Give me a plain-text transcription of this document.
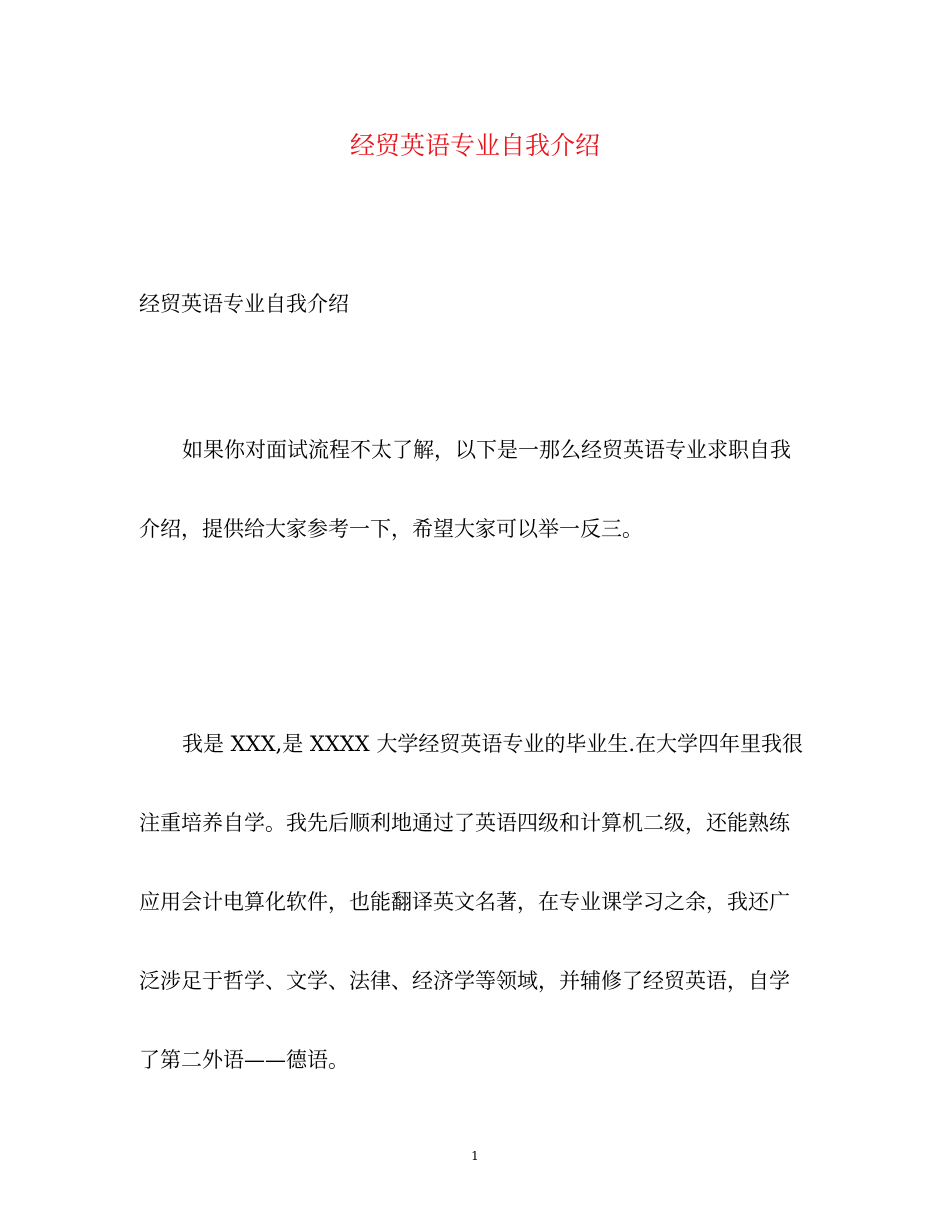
经贸英语专业自我介绍

经贸英语专业自我介绍

如果你对面试流程不太了解，以下是一那么经贸英语专业求职自我
介绍，提供给大家参考一下，希望大家可以举一反三。
我是 XXX,是 XXXX 大学经贸英语专业的毕业生.在大学四年里我很
注重培养自学。我先后顺利地通过了英语四级和计算机二级，还能熟练
应用会计电算化软件，也能翻译英文名著，在专业课学习之余，我还广
泛涉足于哲学、文学、法律、经济学等领域，并辅修了经贸英语，自学
了第二外语——德语。

1
